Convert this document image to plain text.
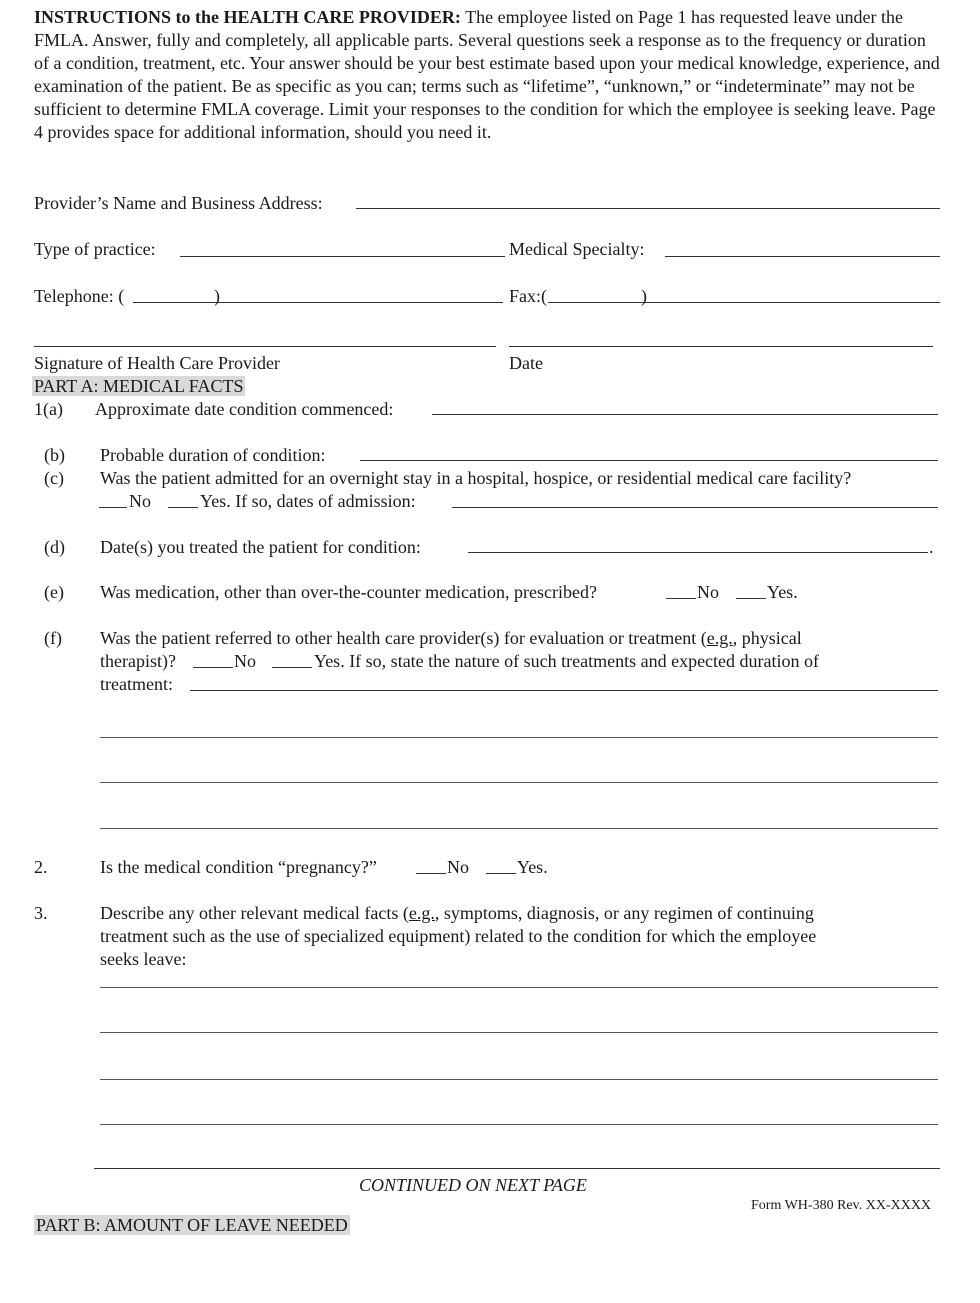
INSTRUCTIONS to the HEALTH CARE PROVIDER: The employee listed on Page 1 has requested leave under the FMLA. Answer, fully and completely, all applicable parts. Several questions seek a response as to the frequency or duration of a condition, treatment, etc. Your answer should be your best estimate based upon your medical knowledge, experience, and examination of the patient. Be as specific as you can; terms such as “lifetime”, “unknown,” or “indeterminate” may not be sufficient to determine FMLA coverage. Limit your responses to the condition for which the employee is seeking leave. Page 4 provides space for additional information, should you need it.
Provider’s Name and Business Address:
Type of practice:	Medical Specialty:
Telephone: (	)	Fax:(	)
Signature of Health Care Provider	Date
PART A: MEDICAL FACTS
1(a) Approximate date condition commenced:
(b) Probable duration of condition:
(c) Was the patient admitted for an overnight stay in a hospital, hospice, or residential medical care facility?
No	Yes. If so, dates of admission:
(d) Date(s) you treated the patient for condition:	.
(e) Was medication, other than over-the-counter medication, prescribed?	No	Yes.
(f) Was the patient referred to other health care provider(s) for evaluation or treatment (e.g., physical
therapist)?	No	Yes. If so, state the nature of such treatments and expected duration of
treatment:
2.	Is the medical condition “pregnancy?”	No	Yes.
3.	Describe any other relevant medical facts (e.g., symptoms, diagnosis, or any regimen of continuing
treatment such as the use of specialized equipment) related to the condition for which the employee
seeks leave:
CONTINUED ON NEXT PAGE
Form WH-380 Rev. XX-XXXX
PART B: AMOUNT OF LEAVE NEEDED
